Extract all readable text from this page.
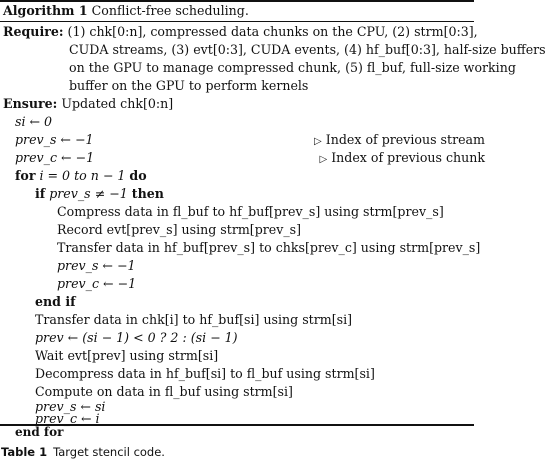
Algorithm 1 Conflict-free scheduling.
Require: (1) chk[0:n], compressed data chunks on the CPU, (2) strm[0:3],
CUDA streams, (3) evt[0:3], CUDA events, (4) hf_buf[0:3], half-size buffers
on the GPU to manage compressed chunk, (5) fl_buf, full-size working
buffer on the GPU to perform kernels
Ensure: Updated chk[0:n]
si ← 0
prev_s ← −1	▷ Index of previous stream
prev_c ← −1	▷ Index of previous chunk
for i = 0 to n − 1 do
if prev_s ≠ −1 then
Compress data in fl_buf to hf_buf[prev_s] using strm[prev_s]
Record evt[prev_s] using strm[prev_s]
Transfer data in hf_buf[prev_s] to chks[prev_c] using strm[prev_s]
prev_s ← −1
prev_c ← −1
end if
Transfer data in chk[i] to hf_buf[si] using strm[si]
prev ← (si − 1) < 0 ? 2 : (si − 1)
Wait evt[prev] using strm[si]
Decompress data in hf_buf[si] to fl_buf using strm[si]
Compute on data in fl_buf using strm[si]
prev_s ← si
prev_c ← i
end for
Table 1 Target stencil code.
